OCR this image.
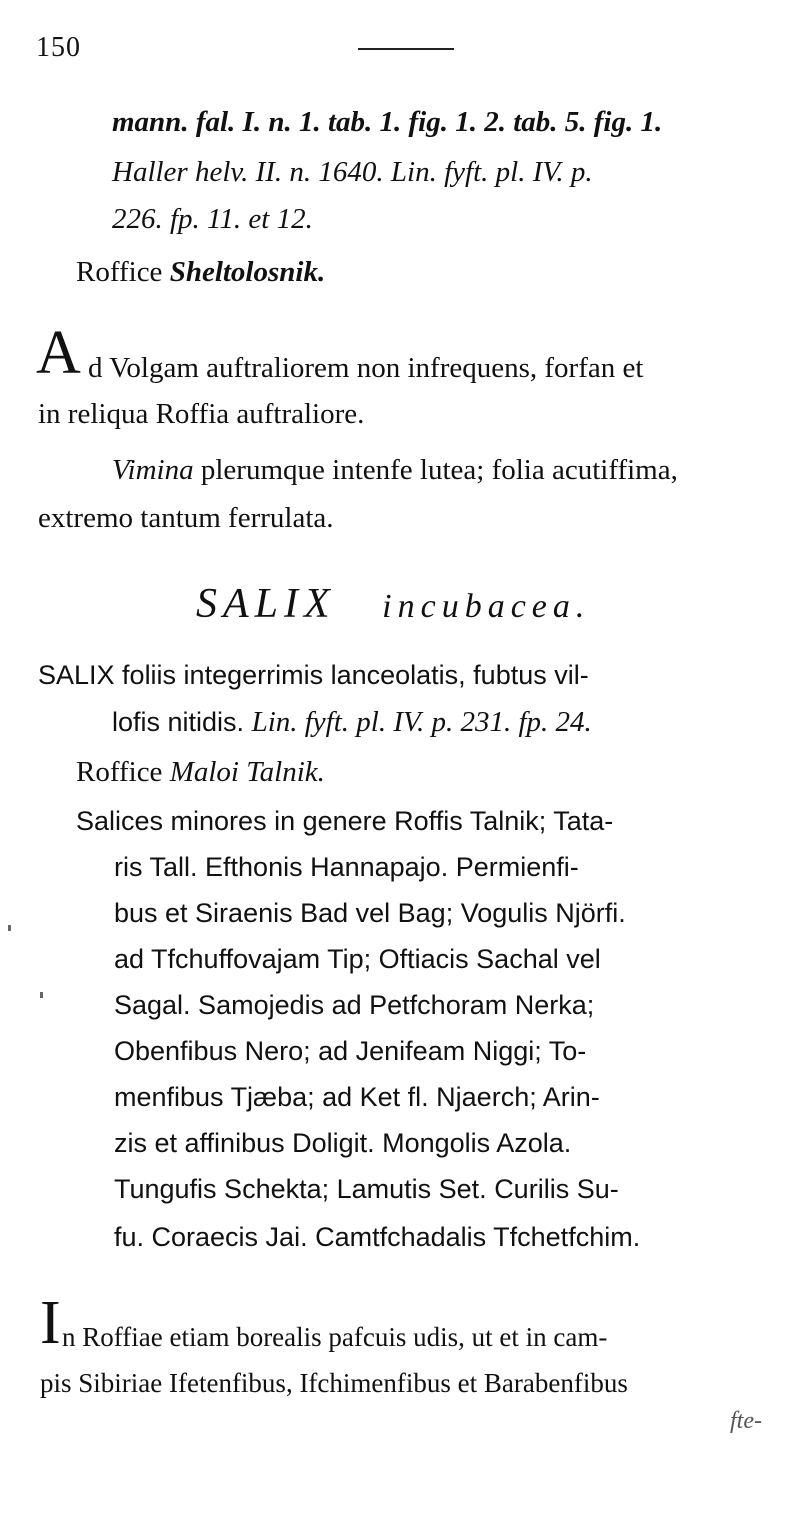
150
mann. fal. I. n. 1. tab. 1. fig. 1. 2. tab. 5. fig. 1.
Haller helv. II. n. 1640. Lin. fyft. pl. IV. p.
226. fp. 11. et 12.
Roffice Sheltolosnik.
A d Volgam auftraliorem non infrequens, forfan et
in reliqua Roffia auftraliore.
Vimina plerumque intenfe lutea; folia acutiffima,
extremo tantum ferrulata.
SALIX incubacea.
SALIX foliis integerrimis lanceolatis, fubtus vil-
lofis nitidis. Lin. fyft. pl. IV. p. 231. fp. 24.
Roffice Maloi Talnik.
Salices minores in genere Roffis Talnik; Tata-
ris Tall. Efthonis Hannapajo. Permienfi-
bus et Siraenis Bad vel Bag; Vogulis Njörfi.
ad Tfchuffovajam Tip; Oftiacis Sachal vel
Sagal. Samojedis ad Petfchoram Nerka;
Obenfibus Nero; ad Jenifeam Niggi; To-
menfibus Tjæba; ad Ket fl. Njaerch; Arin-
zis et affinibus Doligit. Mongolis Azola.
Tungufis Schekta; Lamutis Set. Curilis Su-
fu. Coraecis Jai. Camtfchadalis Tfchetfchim.
I n Roffiae etiam borealis pafcuis udis, ut et in cam-
pis Sibiriae Ifetenfibus, Ifchimenfibus et Barabenfibus
fte-
